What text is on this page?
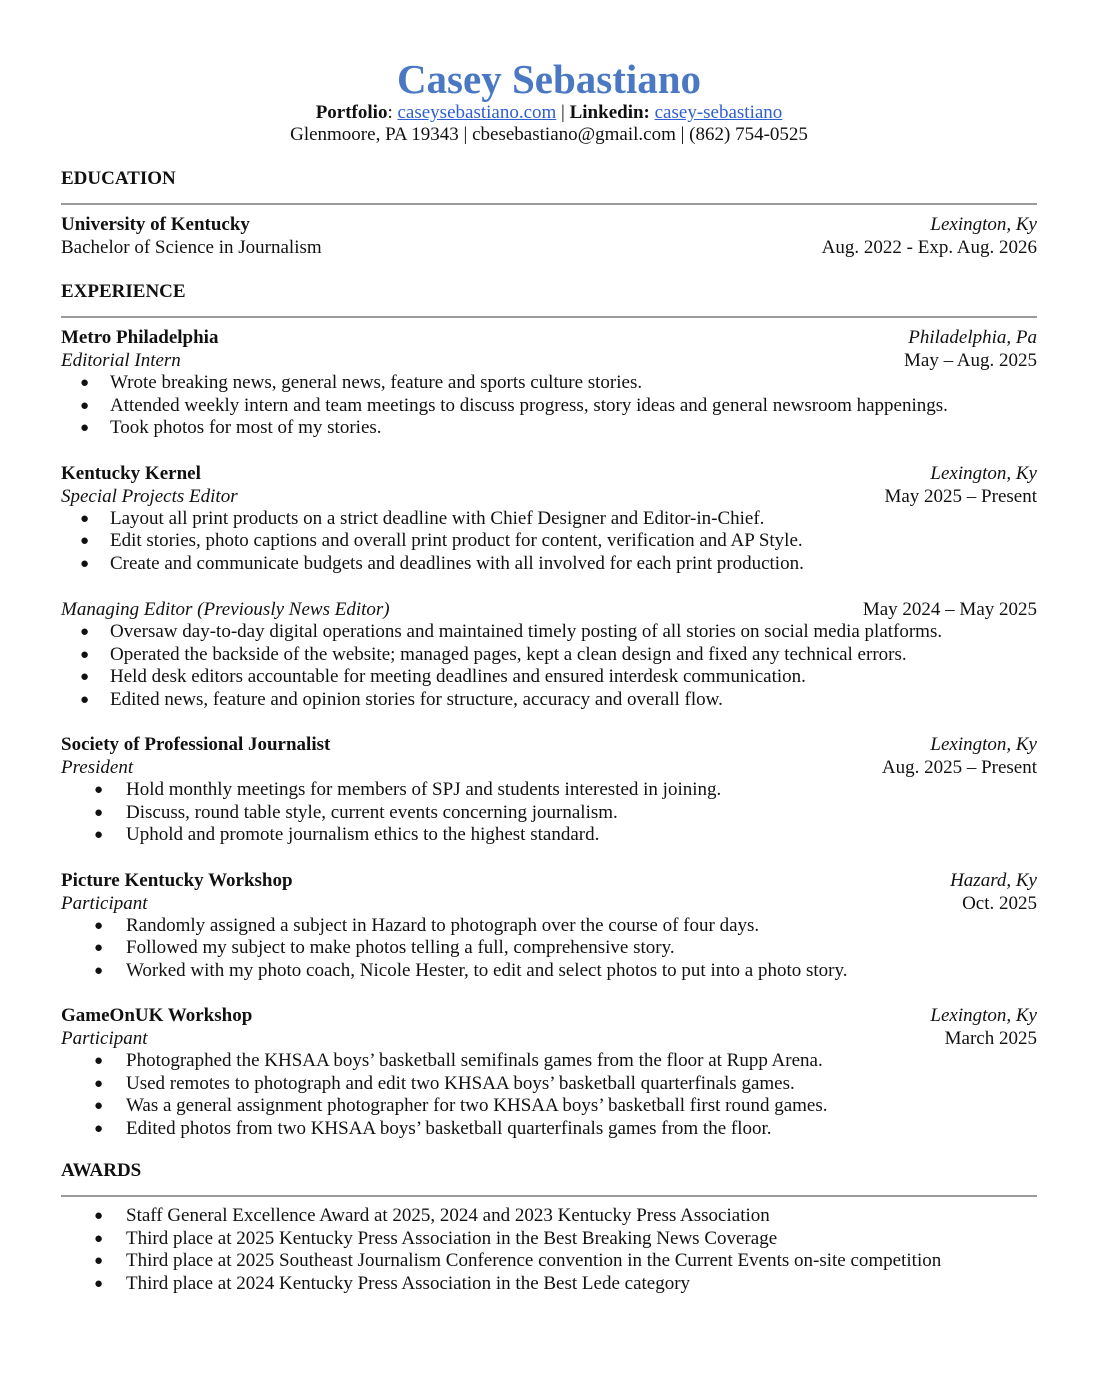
Casey Sebastiano
Portfolio: caseysebastiano.com | Linkedin: casey-sebastiano
Glenmoore, PA 19343 | cbesebastiano@gmail.com | (862) 754-0525
EDUCATION
University of Kentucky	Lexington, Ky
Bachelor of Science in Journalism	Aug. 2022 - Exp. Aug. 2026
EXPERIENCE
Metro Philadelphia	Philadelphia, Pa
Editorial Intern	May – Aug. 2025
● Wrote breaking news, general news, feature and sports culture stories.
● Attended weekly intern and team meetings to discuss progress, story ideas and general newsroom happenings.
● Took photos for most of my stories.
Kentucky Kernel	Lexington, Ky
Special Projects Editor	May 2025 – Present
● Layout all print products on a strict deadline with Chief Designer and Editor-in-Chief.
● Edit stories, photo captions and overall print product for content, verification and AP Style.
● Create and communicate budgets and deadlines with all involved for each print production.
Managing Editor (Previously News Editor)	May 2024 – May 2025
● Oversaw day-to-day digital operations and maintained timely posting of all stories on social media platforms.
● Operated the backside of the website; managed pages, kept a clean design and fixed any technical errors.
● Held desk editors accountable for meeting deadlines and ensured interdesk communication.
● Edited news, feature and opinion stories for structure, accuracy and overall flow.
Society of Professional Journalist	Lexington, Ky
President	Aug. 2025 – Present
● Hold monthly meetings for members of SPJ and students interested in joining.
● Discuss, round table style, current events concerning journalism.
● Uphold and promote journalism ethics to the highest standard.
Picture Kentucky Workshop	Hazard, Ky
Participant	Oct. 2025
● Randomly assigned a subject in Hazard to photograph over the course of four days.
● Followed my subject to make photos telling a full, comprehensive story.
● Worked with my photo coach, Nicole Hester, to edit and select photos to put into a photo story.
GameOnUK Workshop	Lexington, Ky
Participant	March 2025
● Photographed the KHSAA boys’ basketball semifinals games from the floor at Rupp Arena.
● Used remotes to photograph and edit two KHSAA boys’ basketball quarterfinals games.
● Was a general assignment photographer for two KHSAA boys’ basketball first round games.
● Edited photos from two KHSAA boys’ basketball quarterfinals games from the floor.
AWARDS
● Staff General Excellence Award at 2025, 2024 and 2023 Kentucky Press Association
● Third place at 2025 Kentucky Press Association in the Best Breaking News Coverage
● Third place at 2025 Southeast Journalism Conference convention in the Current Events on-site competition
● Third place at 2024 Kentucky Press Association in the Best Lede category
